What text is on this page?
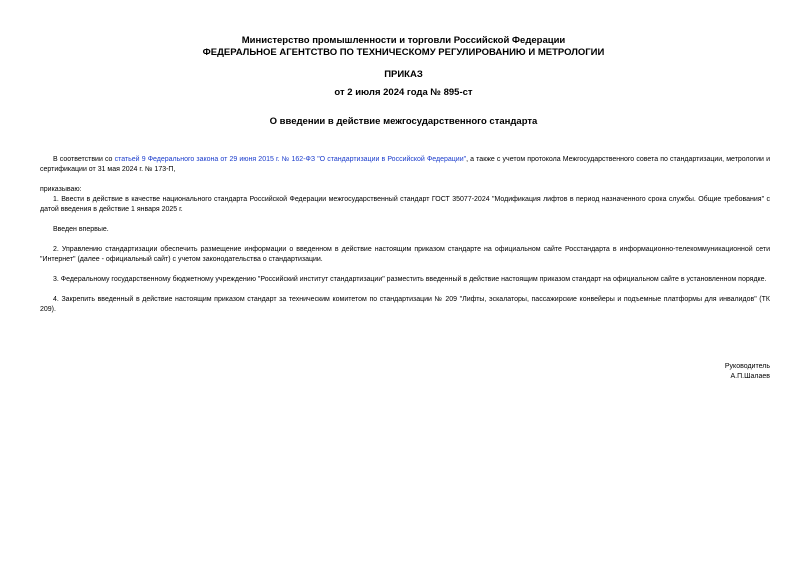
Министерство промышленности и торговли Российской Федерации
ФЕДЕРАЛЬНОЕ АГЕНТСТВО ПО ТЕХНИЧЕСКОМУ РЕГУЛИРОВАНИЮ И МЕТРОЛОГИИ
ПРИКАЗ
от 2 июля 2024 года № 895-ст
О введении в действие межгосударственного стандарта

В соответствии со статьей 9 Федерального закона от 29 июня 2015 г. № 162-ФЗ "О стандартизации в Российской Федерации", а также с учетом протокола Межгосударственного совета по стандартизации, метрологии и сертификации от 31 мая 2024 г. № 173-П,

приказываю:

1. Ввести в действие в качестве национального стандарта Российской Федерации межгосударственный стандарт ГОСТ 35077-2024 "Модификация лифтов в период назначенного срока службы. Общие требования" с датой введения в действие 1 января 2025 г.

Введен впервые.

2. Управлению стандартизации обеспечить размещение информации о введенном в действие настоящим приказом стандарте на официальном сайте Росстандарта в информационно-телекоммуникационной сети "Интернет" (далее - официальный сайт) с учетом законодательства о стандартизации.

3. Федеральному государственному бюджетному учреждению "Российский институт стандартизации" разместить введенный в действие настоящим приказом стандарт на официальном сайте в установленном порядке.

4. Закрепить введенный в действие настоящим приказом стандарт за техническим комитетом по стандартизации № 209 "Лифты, эскалаторы, пассажирские конвейеры и подъемные платформы для инвалидов" (ТК 209).

Руководитель
А.П.Шалаев
